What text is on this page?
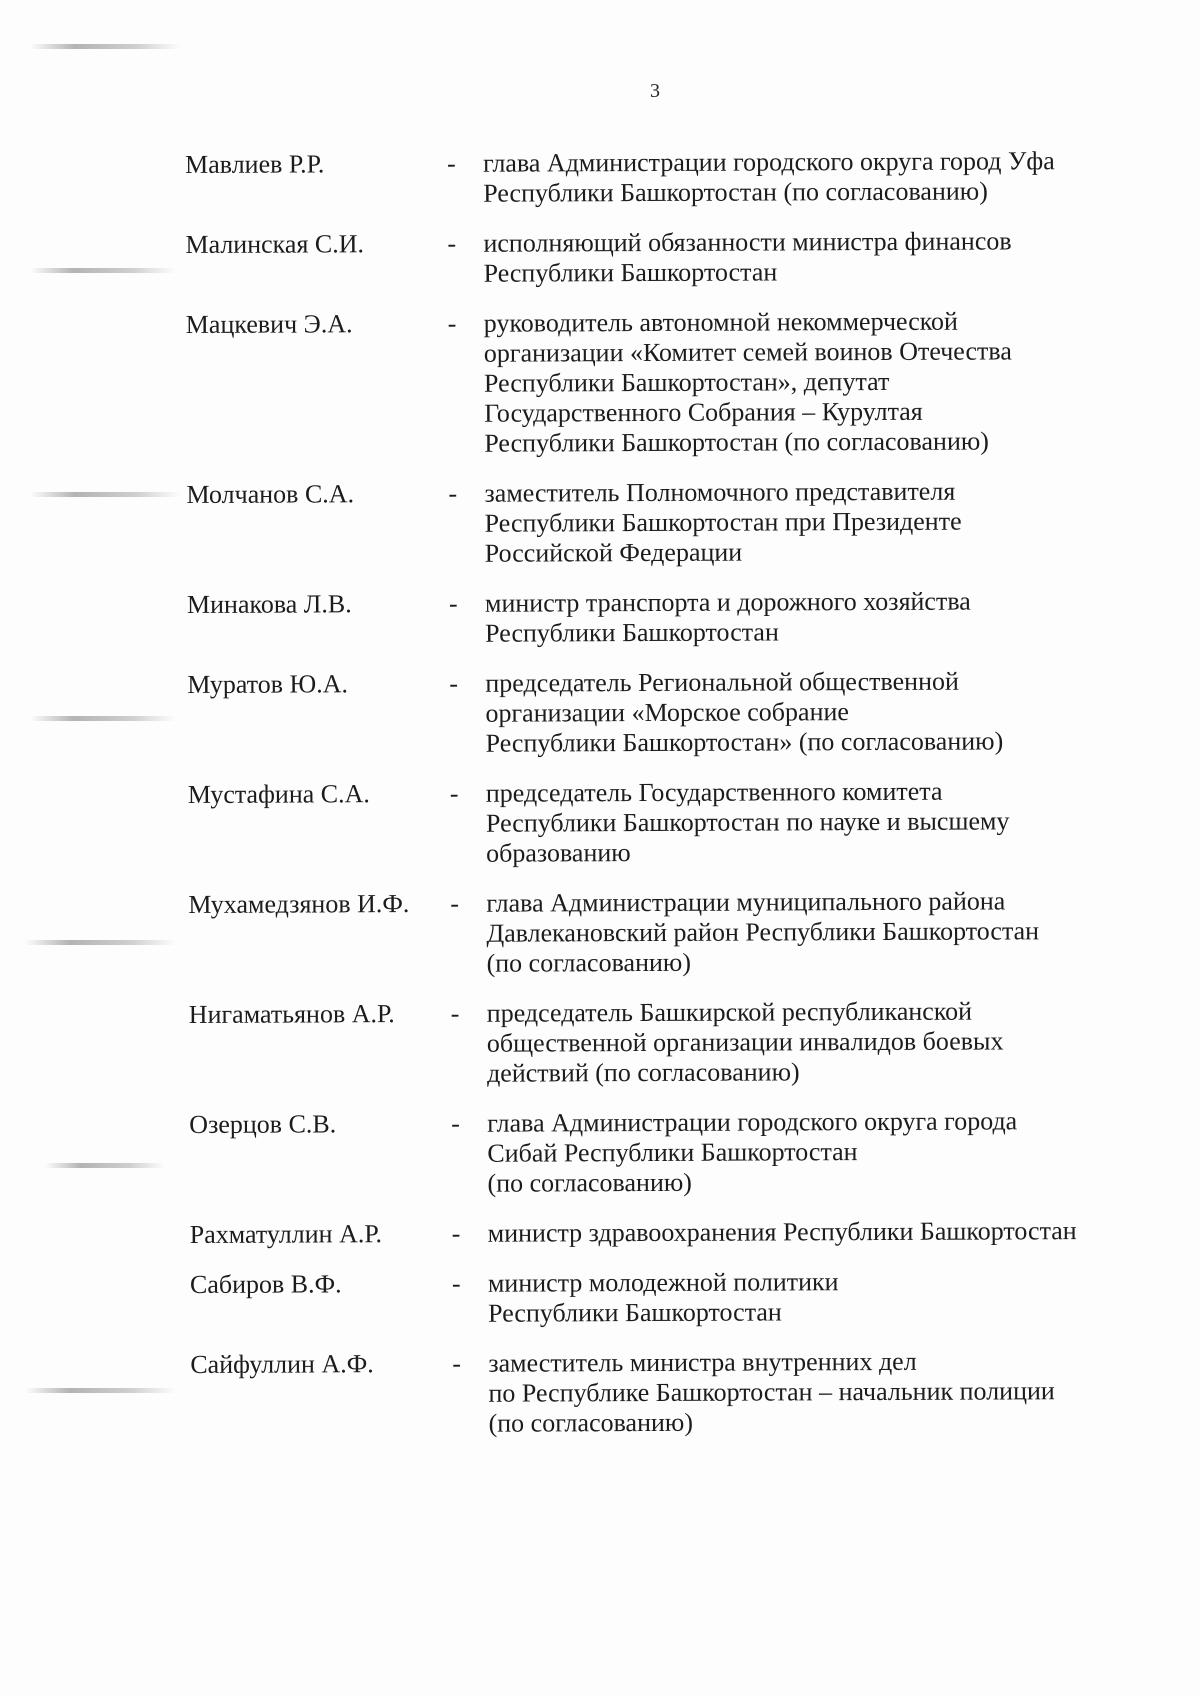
3
Мавлиев Р.Р.	-	глава Администрации городского округа город Уфа
Республики Башкортостан (по согласованию)
Малинская С.И.	-	исполняющий обязанности министра финансов
Республики Башкортостан
Мацкевич Э.А.	-	руководитель автономной некоммерческой
организации «Комитет семей воинов Отечества
Республики Башкортостан», депутат
Государственного Собрания – Курултая
Республики Башкортостан (по согласованию)
Молчанов С.А.	-	заместитель Полномочного представителя
Республики Башкортостан при Президенте
Российской Федерации
Минакова Л.В.	-	министр транспорта и дорожного хозяйства
Республики Башкортостан
Муратов Ю.А.	-	председатель Региональной общественной
организации «Морское собрание
Республики Башкортостан» (по согласованию)
Мустафина С.А.	-	председатель Государственного комитета
Республики Башкортостан по науке и высшему
образованию
Мухамедзянов И.Ф.	-	глава Администрации муниципального района
Давлекановский район Республики Башкортостан
(по согласованию)
Нигаматьянов А.Р.	-	председатель Башкирской республиканской
общественной организации инвалидов боевых
действий (по согласованию)
Озерцов С.В.	-	глава Администрации городского округа города
Сибай Республики Башкортостан
(по согласованию)
Рахматуллин А.Р.	-	министр здравоохранения Республики Башкортостан
Сабиров В.Ф.	-	министр молодежной политики
Республики Башкортостан
Сайфуллин А.Ф.	-	заместитель министра внутренних дел
по Республике Башкортостан – начальник полиции
(по согласованию)
